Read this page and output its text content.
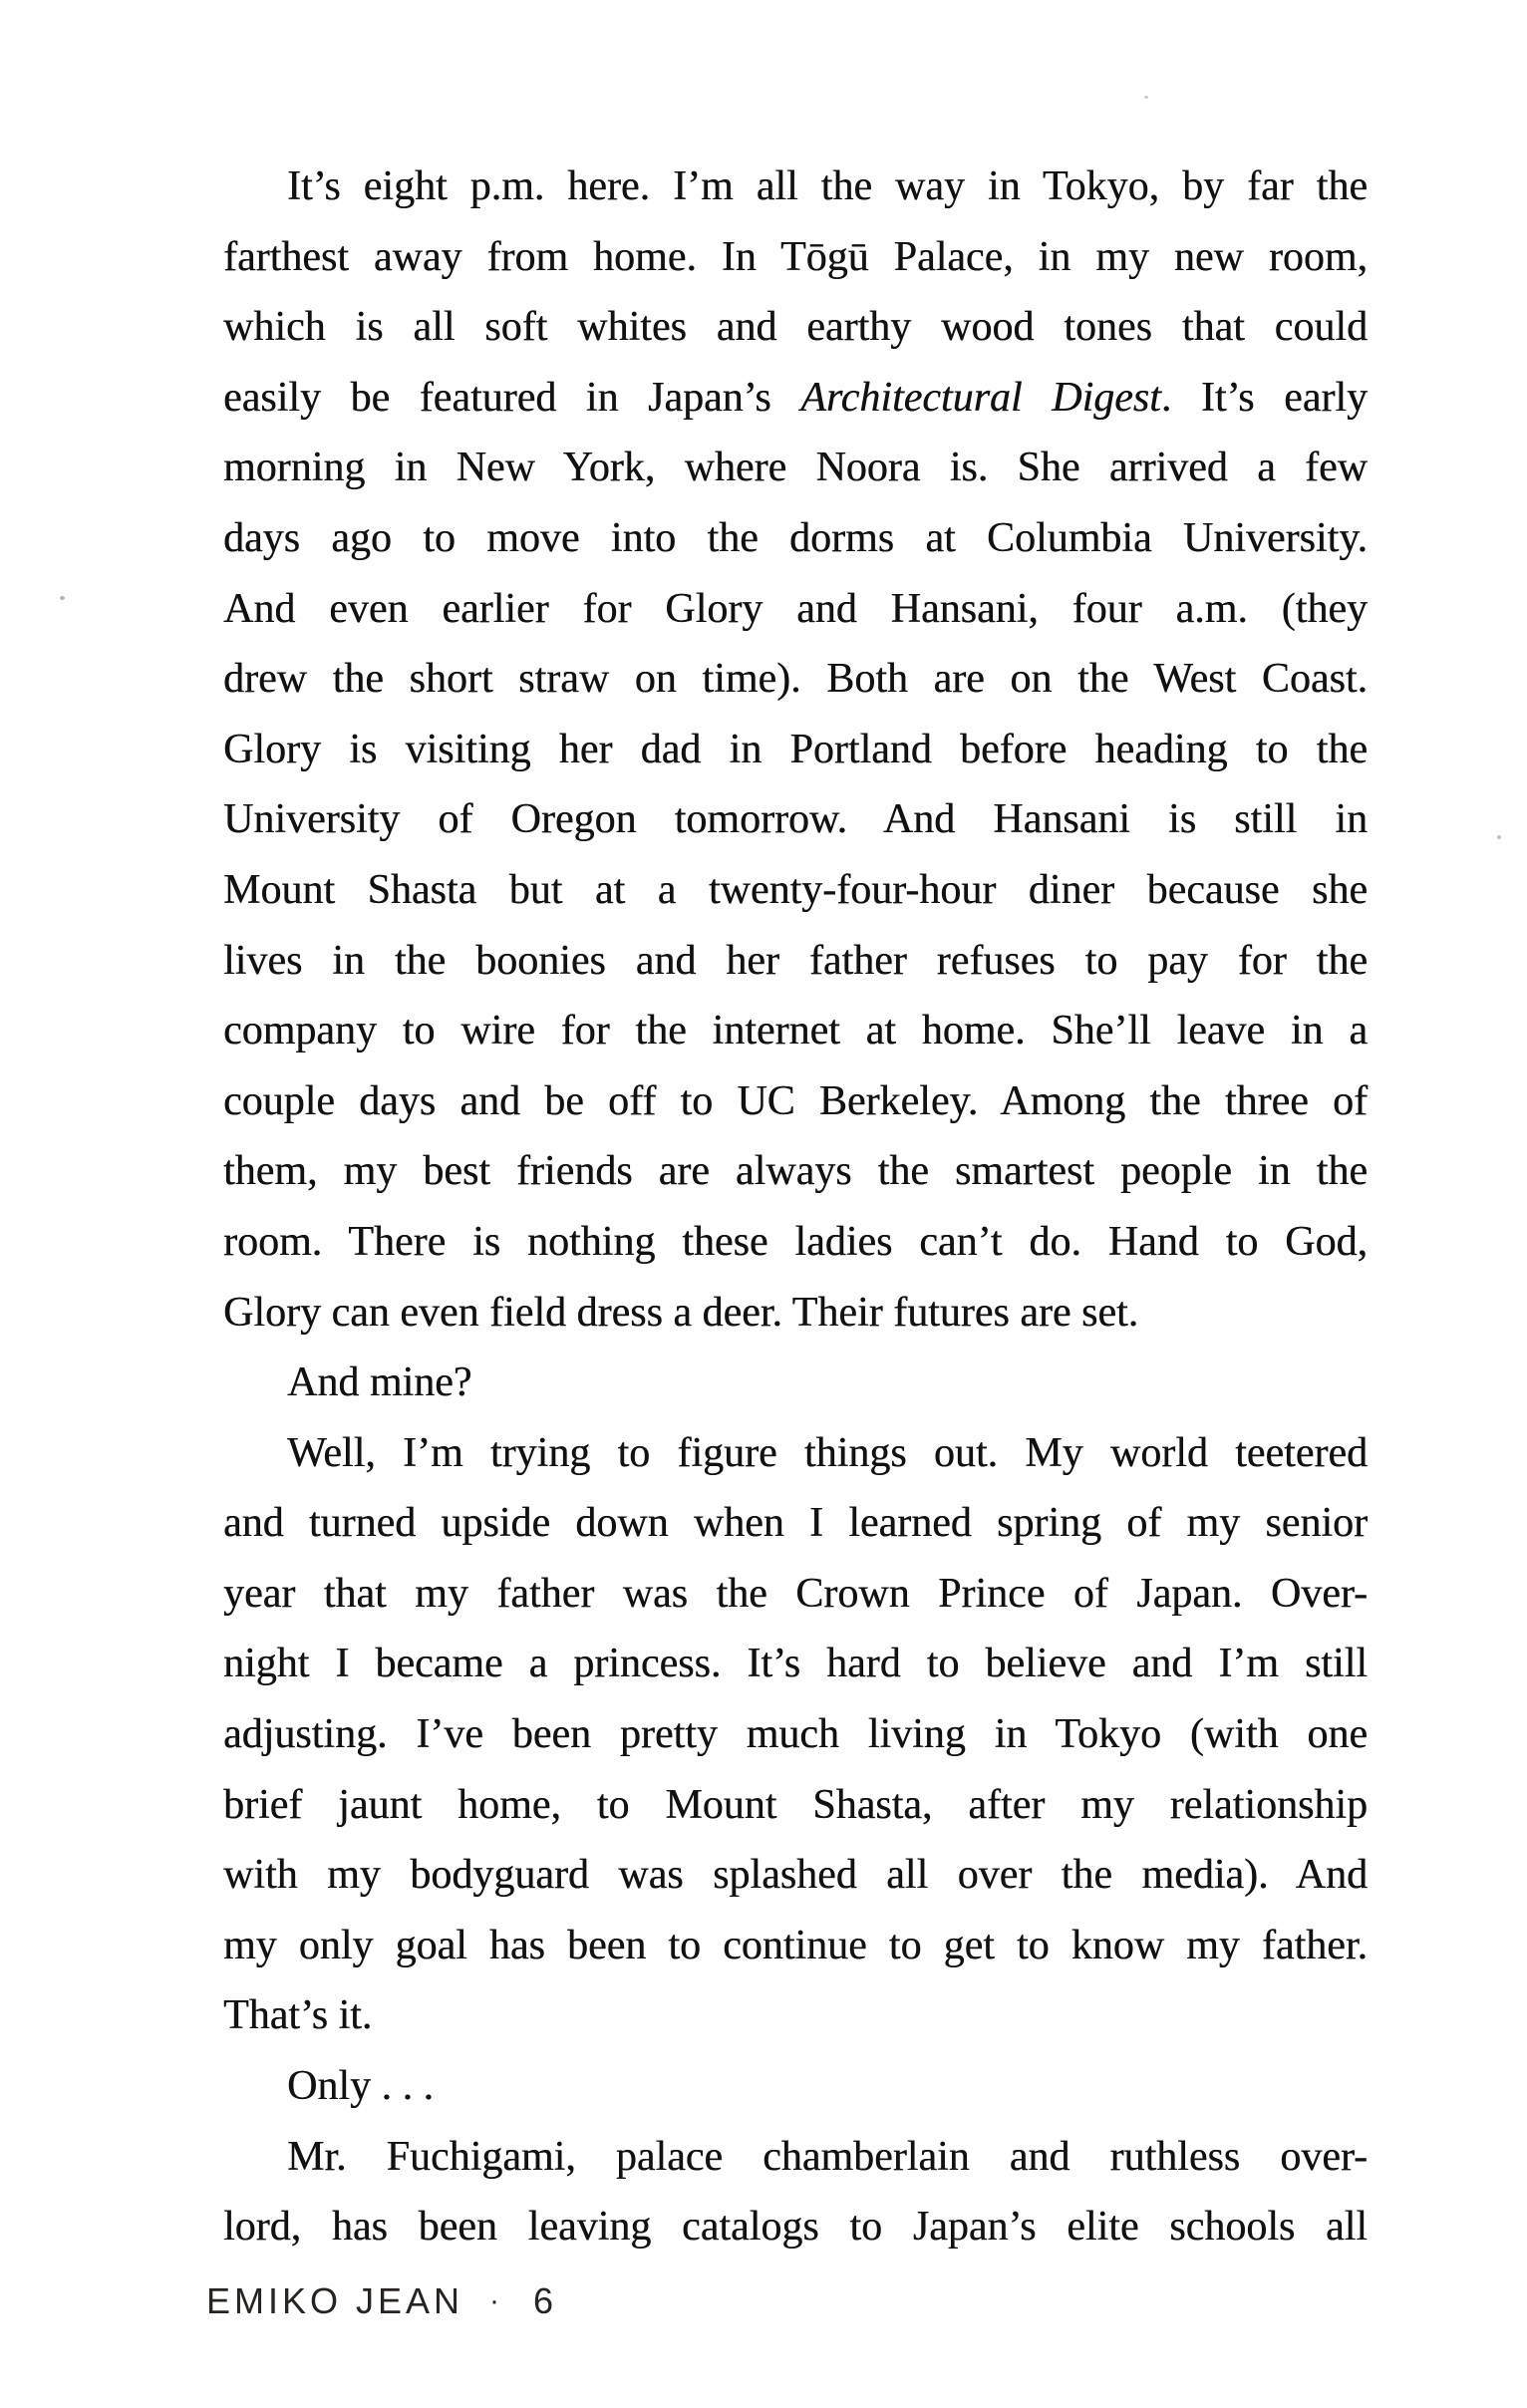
It’s eight p.m. here. I’m all the way in Tokyo, by far the
farthest away from home. In Tōgū Palace, in my new room,
which is all soft whites and earthy wood tones that could
easily be featured in Japan’s Architectural Digest. It’s early
morning in New York, where Noora is. She arrived a few
days ago to move into the dorms at Columbia University.
And even earlier for Glory and Hansani, four a.m. (they
drew the short straw on time). Both are on the West Coast.
Glory is visiting her dad in Portland before heading to the
University of Oregon tomorrow. And Hansani is still in
Mount Shasta but at a twenty-four-hour diner because she
lives in the boonies and her father refuses to pay for the
company to wire for the internet at home. She’ll leave in a
couple days and be off to UC Berkeley. Among the three of
them, my best friends are always the smartest people in the
room. There is nothing these ladies can’t do. Hand to God,
Glory can even field dress a deer. Their futures are set.
And mine?
Well, I’m trying to figure things out. My world teetered
and turned upside down when I learned spring of my senior
year that my father was the Crown Prince of Japan. Over-
night I became a princess. It’s hard to believe and I’m still
adjusting. I’ve been pretty much living in Tokyo (with one
brief jaunt home, to Mount Shasta, after my relationship
with my bodyguard was splashed all over the media). And
my only goal has been to continue to get to know my father.
That’s it.
Only . . .
Mr. Fuchigami, palace chamberlain and ruthless over-
lord, has been leaving catalogs to Japan’s elite schools all
EMIKO JEAN · 6
